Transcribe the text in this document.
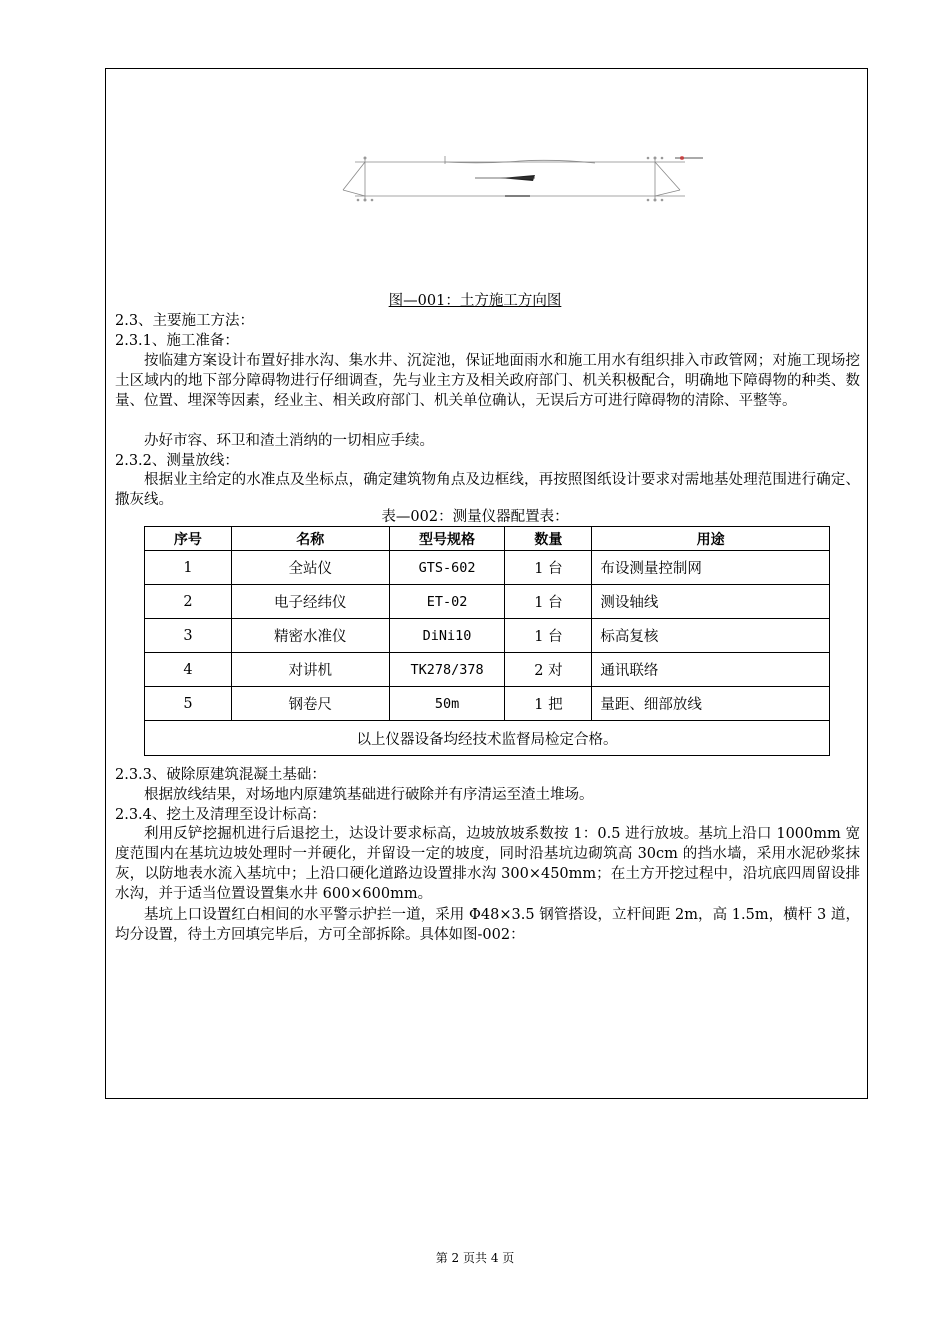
图—001：土方施工方向图
2.3、主要施工方法：
2.3.1、施工准备：
按临建方案设计布置好排水沟、集水井、沉淀池，保证地面雨水和施工用水有组织排入市政管网；对施工现场挖土区域内的地下部分障碍物进行仔细调查，先与业主方及相关政府部门、机关积极配合，明确地下障碍物的种类、数量、位置、埋深等因素，经业主、相关政府部门、机关单位确认，无误后方可进行障碍物的清除、平整等。
办好市容、环卫和渣土消纳的一切相应手续。
2.3.2、测量放线：
根据业主给定的水准点及坐标点，确定建筑物角点及边框线，再按照图纸设计要求对需地基处理范围进行确定、撒灰线。
表—002：测量仪器配置表：
序号	名称	型号规格	数量	用途
1	全站仪	GTS-602	1 台	布设测量控制网
2	电子经纬仪	ET-02	1 台	测设轴线
3	精密水准仪	DiNi10	1 台	标高复核
4	对讲机	TK278/378	2 对	通讯联络
5	钢卷尺	50m	1 把	量距、细部放线
以上仪器设备均经技术监督局检定合格。				
2.3.3、破除原建筑混凝土基础：
根据放线结果，对场地内原建筑基础进行破除并有序清运至渣土堆场。
2.3.4、挖土及清理至设计标高：
利用反铲挖掘机进行后退挖土，达设计要求标高，边坡放坡系数按 1：0.5 进行放坡。基坑上沿口 1000mm 宽度范围内在基坑边坡处理时一并硬化，并留设一定的坡度，同时沿基坑边砌筑高 30cm 的挡水墙，采用水泥砂浆抹灰，以防地表水流入基坑中；上沿口硬化道路边设置排水沟 300×450mm；在土方开挖过程中，沿坑底四周留设排水沟，并于适当位置设置集水井 600×600mm。
基坑上口设置红白相间的水平警示护拦一道，采用 Φ48×3.5 钢管搭设，立杆间距 2m，高 1.5m，横杆 3 道，均分设置，待土方回填完毕后，方可全部拆除。具体如图-002：
第 2 页共 4 页
